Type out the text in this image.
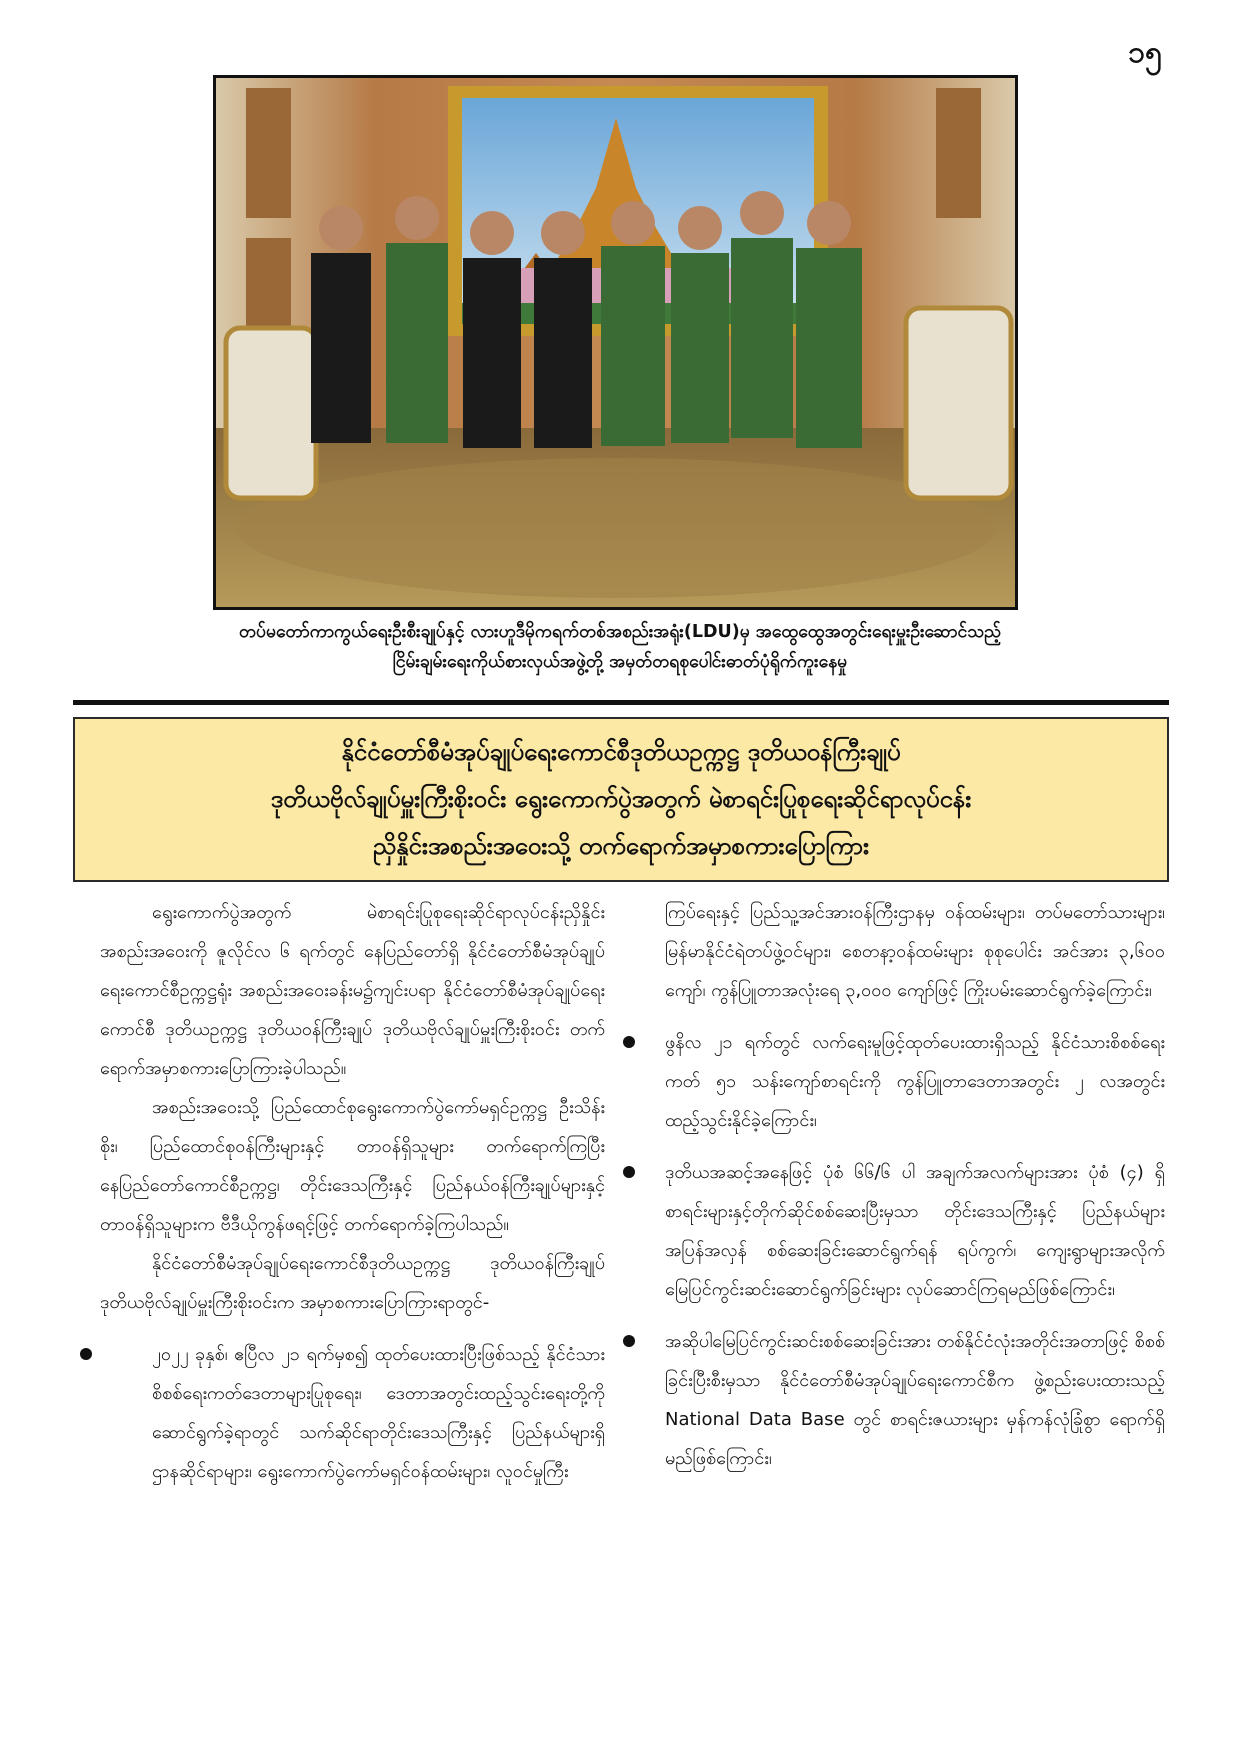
၁၅
တပ်မတော်ကာကွယ်ရေးဦးစီးချုပ်နှင့် လားဟူဒီမိုကရက်တစ်အစည်းအရုံး(LDU)မှ အထွေထွေအတွင်းရေးမှူးဦးဆောင်သည့်
ငြိမ်းချမ်းရေးကိုယ်စားလှယ်အဖွဲ့တို့ အမှတ်တရစုပေါင်းဓာတ်ပုံရိုက်ကူးနေမှု
နိုင်ငံတော်စီမံအုပ်ချုပ်ရေးကောင်စီဒုတိယဥက္ကဋ္ဌ ဒုတိယဝန်ကြီးချုပ်
ဒုတိယဗိုလ်ချုပ်မှူးကြီးစိုးဝင်း ရွေးကောက်ပွဲအတွက် မဲစာရင်းပြုစုရေးဆိုင်ရာလုပ်ငန်း
ညှိနှိုင်းအစည်းအဝေးသို့ တက်ရောက်အမှာစကားပြောကြား

ရွေးကောက်ပွဲအတွက် မဲစာရင်းပြုစုရေးဆိုင်ရာလုပ်ငန်းညှိနှိုင်းအစည်းအဝေးကို ဇူလိုင်လ ၆ ရက်တွင် နေပြည်တော်ရှိ နိုင်ငံတော်စီမံအုပ်ချုပ်ရေးကောင်စီဥက္ကဋ္ဌရုံး အစည်းအဝေးခန်းမ၌ကျင်းပရာ နိုင်ငံတော်စီမံအုပ်ချုပ်ရေးကောင်စီ ဒုတိယဥက္ကဋ္ဌ ဒုတိယဝန်ကြီးချုပ် ဒုတိယဗိုလ်ချုပ်မှူးကြီးစိုးဝင်း တက်ရောက်အမှာစကားပြောကြားခဲ့ပါသည်။

အစည်းအဝေးသို့ ပြည်ထောင်စုရွေးကောက်ပွဲကော်မရှင်ဥက္ကဋ္ဌ ဦးသိန်းစိုး၊ ပြည်ထောင်စုဝန်ကြီးများနှင့် တာဝန်ရှိသူများ တက်ရောက်ကြပြီး နေပြည်တော်ကောင်စီဥက္ကဋ္ဌ၊ တိုင်းဒေသကြီးနှင့် ပြည်နယ်ဝန်ကြီးချုပ်များနှင့် တာဝန်ရှိသူများက ဗီဒီယိုကွန်ဖရင့်ဖြင့် တက်ရောက်ခဲ့ကြပါသည်။

နိုင်ငံတော်စီမံအုပ်ချုပ်ရေးကောင်စီဒုတိယဥက္ကဋ္ဌ ဒုတိယဝန်ကြီးချုပ် ဒုတိယဗိုလ်ချုပ်မှူးကြီးစိုးဝင်းက အမှာစကားပြောကြားရာတွင်-

၂၀၂၂ ခုနှစ်၊ ဧပြီလ ၂၁ ရက်မှစ၍ ထုတ်ပေးထားပြီးဖြစ်သည့် နိုင်ငံသားစိစစ်ရေးကတ်ဒေတာများပြုစုရေး၊ ဒေတာအတွင်းထည့်သွင်းရေးတို့ကို ဆောင်ရွက်ခဲ့ရာတွင် သက်ဆိုင်ရာတိုင်းဒေသကြီးနှင့် ပြည်နယ်များရှိ ဌာနဆိုင်ရာများ၊ ရွေးကောက်ပွဲကော်မရှင်ဝန်ထမ်းများ၊ လူဝင်မှုကြီး

ကြပ်ရေးနှင့် ပြည်သူ့အင်အားဝန်ကြီးဌာနမှ ဝန်ထမ်းများ၊ တပ်မတော်သားများ၊ မြန်မာနိုင်ငံရဲတပ်ဖွဲ့ဝင်များ၊ စေတနာ့ဝန်ထမ်းများ စုစုပေါင်း အင်အား ၃,၆၀၀ ကျော်၊ ကွန်ပြူတာအလုံးရေ ၃,၀၀၀ ကျော်ဖြင့် ကြိုးပမ်းဆောင်ရွက်ခဲ့ကြောင်း၊

ဖွနိလ ၂၁ ရက်တွင် လက်ရေးမူဖြင့်ထုတ်ပေးထားရှိသည့် နိုင်ငံသားစိစစ်ရေးကတ် ၅၁ သန်းကျော်စာရင်းကို ကွန်ပြူတာဒေတာအတွင်း ၂ လအတွင်း ထည့်သွင်းနိုင်ခဲ့ကြောင်း၊
ဒုတိယအဆင့်အနေဖြင့် ပုံစံ ၆၆/၆ ပါ အချက်အလက်များအား ပုံစံ (၄) ရှိ စာရင်းများနှင့်တိုက်ဆိုင်စစ်ဆေးပြီးမှသာ တိုင်းဒေသကြီးနှင့် ပြည်နယ်များ အပြန်အလှန် စစ်ဆေးခြင်းဆောင်ရွက်ရန် ရပ်ကွက်၊ ကျေးရွာများအလိုက် မြေပြင်ကွင်းဆင်းဆောင်ရွက်ခြင်းများ လုပ်ဆောင်ကြရမည်ဖြစ်ကြောင်း၊
အဆိုပါမြေပြင်ကွင်းဆင်းစစ်ဆေးခြင်းအား တစ်နိုင်ငံလုံးအတိုင်းအတာဖြင့် စိစစ်ခြင်းပြီးစီးမှသာ နိုင်ငံတော်စီမံအုပ်ချုပ်ရေးကောင်စီက ဖွဲ့စည်းပေးထားသည့် National Data Base တွင် စာရင်းဇယားများ မှန်ကန်လုံခြုံစွာ ရောက်ရှိမည်ဖြစ်ကြောင်း၊
